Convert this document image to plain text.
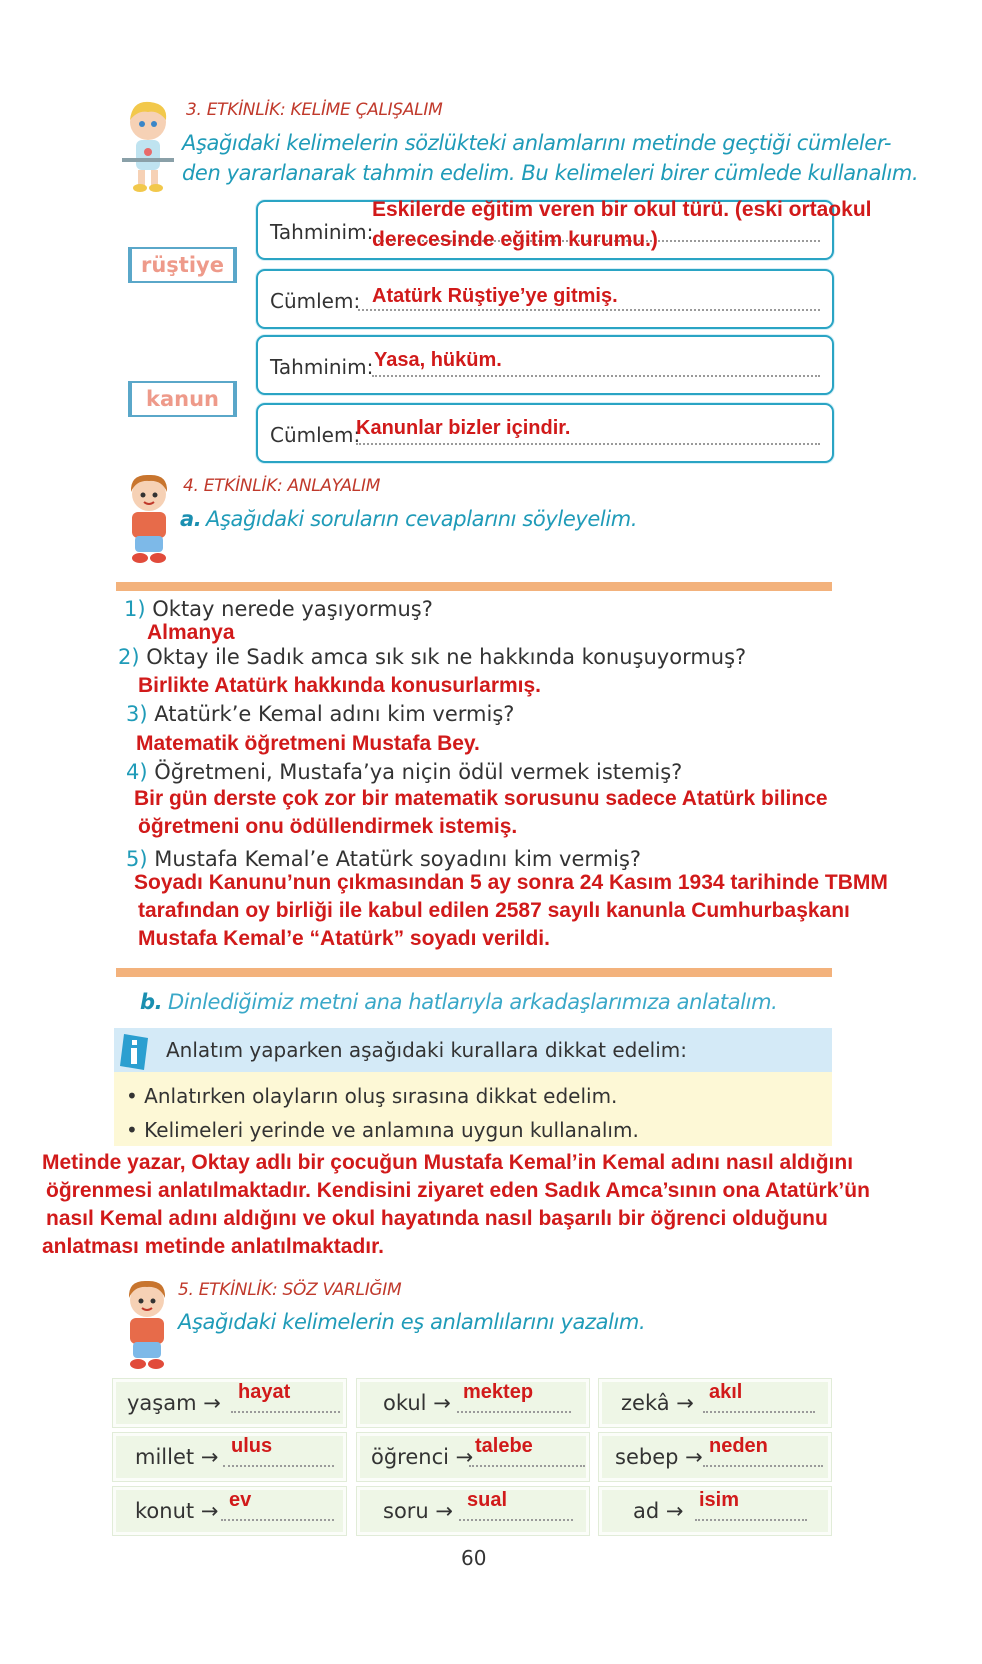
3. ETKİNLİK: KELİME ÇALIŞALIM
Aşağıdaki kelimelerin sözlükteki anlamlarını metinde geçtiği cümleler-
den yararlanarak tahmin edelim. Bu kelimeleri birer cümlede kullanalım.
rüştiye
Tahminim:
Eskilerde eğitim veren bir okul türü. (eski ortaokul
derecesinde eğitim kurumu.)
Cümlem: Atatürk Rüştiye’ye gitmiş.
kanun
Tahminim: Yasa, hüküm.
Cümlem:
Kanunlar bizler içindir.
4. ETKİNLİK: ANLAYALIM
a. Aşağıdaki soruların cevaplarını söyleyelim.
1) Oktay nerede yaşıyormuş?
Almanya
2) Oktay ile Sadık amca sık sık ne hakkında konuşuyormuş?
Birlikte Atatürk hakkında konusurlarmış.
3) Atatürk’e Kemal adını kim vermiş?
Matematik öğretmeni Mustafa Bey.
4) Öğretmeni, Mustafa’ya niçin ödül vermek istemiş?
Bir gün derste çok zor bir matematik sorusunu sadece Atatürk bilince
öğretmeni onu ödüllendirmek istemiş.
5) Mustafa Kemal’e Atatürk soyadını kim vermiş?
Soyadı Kanunu’nun çıkmasından 5 ay sonra 24 Kasım 1934 tarihinde TBMM
tarafından oy birliği ile kabul edilen 2587 sayılı kanunla Cumhurbaşkanı
Mustafa Kemal’e “Atatürk” soyadı verildi.
b. Dinlediğimiz metni ana hatlarıyla arkadaşlarımıza anlatalım.
Anlatım yaparken aşağıdaki kurallara dikkat edelim:
• Anlatırken olayların oluş sırasına dikkat edelim.
• Kelimeleri yerinde ve anlamına uygun kullanalım.
Metinde yazar, Oktay adlı bir çocuğun Mustafa Kemal’in Kemal adını nasıl aldığını
öğrenmesi anlatılmaktadır. Kendisini ziyaret eden Sadık Amca’sının ona Atatürk’ün
nasıl Kemal adını aldığını ve okul hayatında nasıl başarılı bir öğrenci olduğunu
anlatması metinde anlatılmaktadır.
5. ETKİNLİK: SÖZ VARLIĞIM
Aşağıdaki kelimelerin eş anlamlılarını yazalım.
yaşam → hayat	okul → mektep	zekâ → akıl
millet → ulus	öğrenci → talebe	sebep → neden
konut → ev	soru → sual	ad → isim
60
